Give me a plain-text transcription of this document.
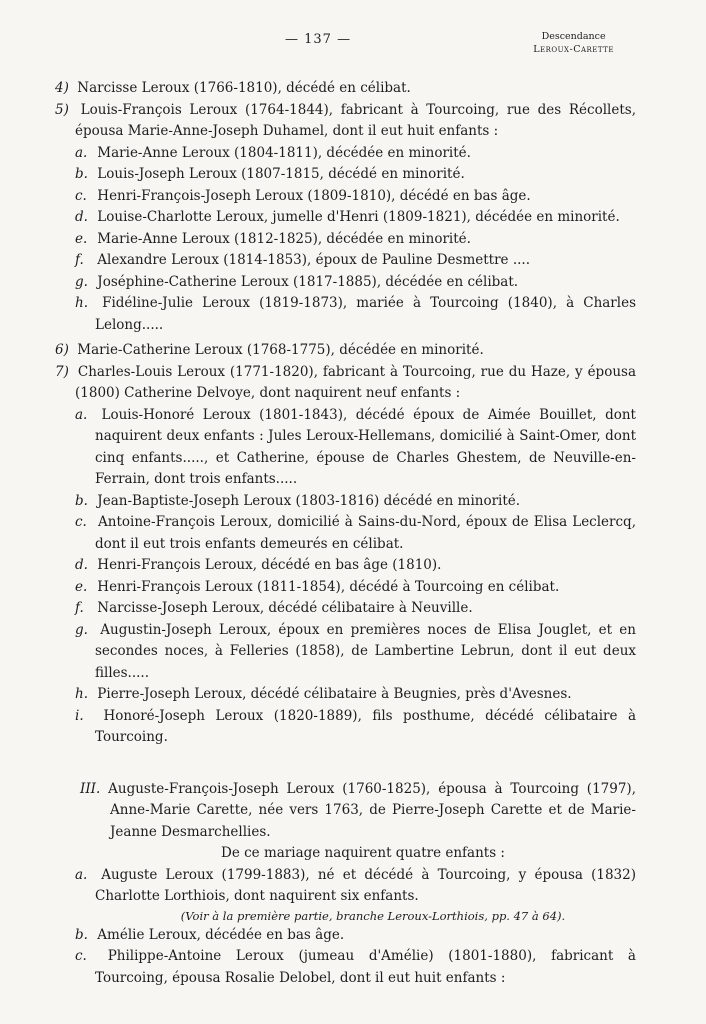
— 137 —	Descendance
Leroux-Carette
4) Narcisse Leroux (1766-1810), décédé en célibat.
5) Louis-François Leroux (1764-1844), fabricant à Tourcoing, rue des Récollets, épousa Marie-Anne-Joseph Duhamel, dont il eut huit enfants :
a. Marie-Anne Leroux (1804-1811), décédée en minorité.
b. Louis-Joseph Leroux (1807-1815, décédé en minorité.
c. Henri-François-Joseph Leroux (1809-1810), décédé en bas âge.
d. Louise-Charlotte Leroux, jumelle d'Henri (1809-1821), décédée en minorité.
e. Marie-Anne Leroux (1812-1825), décédée en minorité.
f. Alexandre Leroux (1814-1853), époux de Pauline Desmettre ....
g. Joséphine-Catherine Leroux (1817-1885), décédée en célibat.
h. Fidéline-Julie Leroux (1819-1873), mariée à Tourcoing (1840), à Charles Lelong.....
6) Marie-Catherine Leroux (1768-1775), décédée en minorité.
7) Charles-Louis Leroux (1771-1820), fabricant à Tourcoing, rue du Haze, y épousa (1800) Catherine Delvoye, dont naquirent neuf enfants :
a. Louis-Honoré Leroux (1801-1843), décédé époux de Aimée Bouillet, dont naquirent deux enfants : Jules Leroux-Hellemans, domicilié à Saint-Omer, dont cinq enfants....., et Catherine, épouse de Charles Ghestem, de Neuville-en-Ferrain, dont trois enfants.....
b. Jean-Baptiste-Joseph Leroux (1803-1816) décédé en minorité.
c. Antoine-François Leroux, domicilié à Sains-du-Nord, époux de Elisa Leclercq, dont il eut trois enfants demeurés en célibat.
d. Henri-François Leroux, décédé en bas âge (1810).
e. Henri-François Leroux (1811-1854), décédé à Tourcoing en célibat.
f. Narcisse-Joseph Leroux, décédé célibataire à Neuville.
g. Augustin-Joseph Leroux, époux en premières noces de Elisa Jouglet, et en secondes noces, à Felleries (1858), de Lambertine Lebrun, dont il eut deux filles.....
h. Pierre-Joseph Leroux, décédé célibataire à Beugnies, près d'Avesnes.
i. Honoré-Joseph Leroux (1820-1889), fils posthume, décédé célibataire à Tourcoing.
III. Auguste-François-Joseph Leroux (1760-1825), épousa à Tourcoing (1797), Anne-Marie Carette, née vers 1763, de Pierre-Joseph Carette et de Marie-Jeanne Desmarchellies.
De ce mariage naquirent quatre enfants :
a. Auguste Leroux (1799-1883), né et décédé à Tourcoing, y épousa (1832) Charlotte Lorthiois, dont naquirent six enfants.
(Voir à la première partie, branche Leroux-Lorthiois, pp. 47 à 64).
b. Amélie Leroux, décédée en bas âge.
c. Philippe-Antoine Leroux (jumeau d'Amélie) (1801-1880), fabricant à Tourcoing, épousa Rosalie Delobel, dont il eut huit enfants :
